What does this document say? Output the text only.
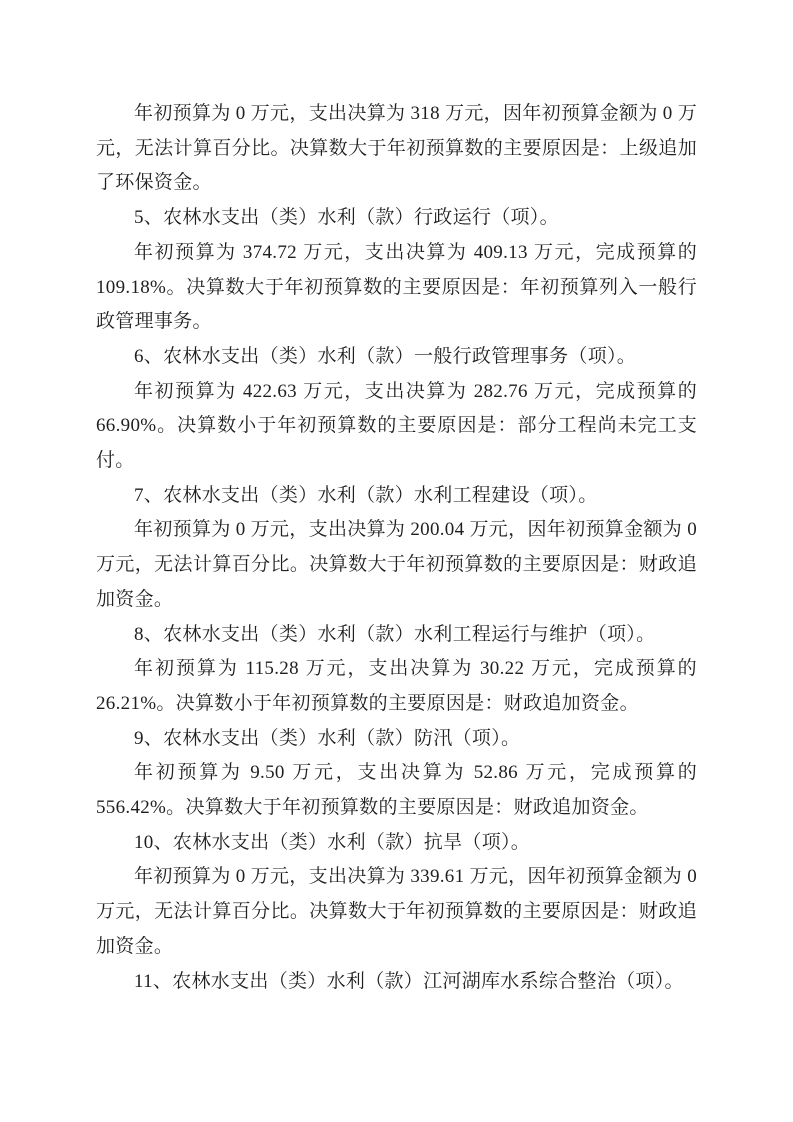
年初预算为 0 万元，支出决算为 318 万元，因年初预算金额为 0 万元，无法计算百分比。决算数大于年初预算数的主要原因是：上级追加了环保资金。

5、农林水支出（类）水利（款）行政运行（项）。

年初预算为 374.72 万元，支出决算为 409.13 万元，完成预算的109.18%。决算数大于年初预算数的主要原因是：年初预算列入一般行政管理事务。

6、农林水支出（类）水利（款）一般行政管理事务（项）。

年初预算为 422.63 万元，支出决算为 282.76 万元，完成预算的66.90%。决算数小于年初预算数的主要原因是：部分工程尚未完工支付。

7、农林水支出（类）水利（款）水利工程建设（项）。

年初预算为 0 万元，支出决算为 200.04 万元，因年初预算金额为 0 万元，无法计算百分比。决算数大于年初预算数的主要原因是：财政追加资金。

8、农林水支出（类）水利（款）水利工程运行与维护（项）。

年初预算为 115.28 万元，支出决算为 30.22 万元，完成预算的26.21%。决算数小于年初预算数的主要原因是：财政追加资金。

9、农林水支出（类）水利（款）防汛（项）。

年初预算为 9.50 万元，支出决算为 52.86 万元，完成预算的556.42%。决算数大于年初预算数的主要原因是：财政追加资金。

10、农林水支出（类）水利（款）抗旱（项）。

年初预算为 0 万元，支出决算为 339.61 万元，因年初预算金额为 0 万元，无法计算百分比。决算数大于年初预算数的主要原因是：财政追加资金。

11、农林水支出（类）水利（款）江河湖库水系综合整治（项）。
